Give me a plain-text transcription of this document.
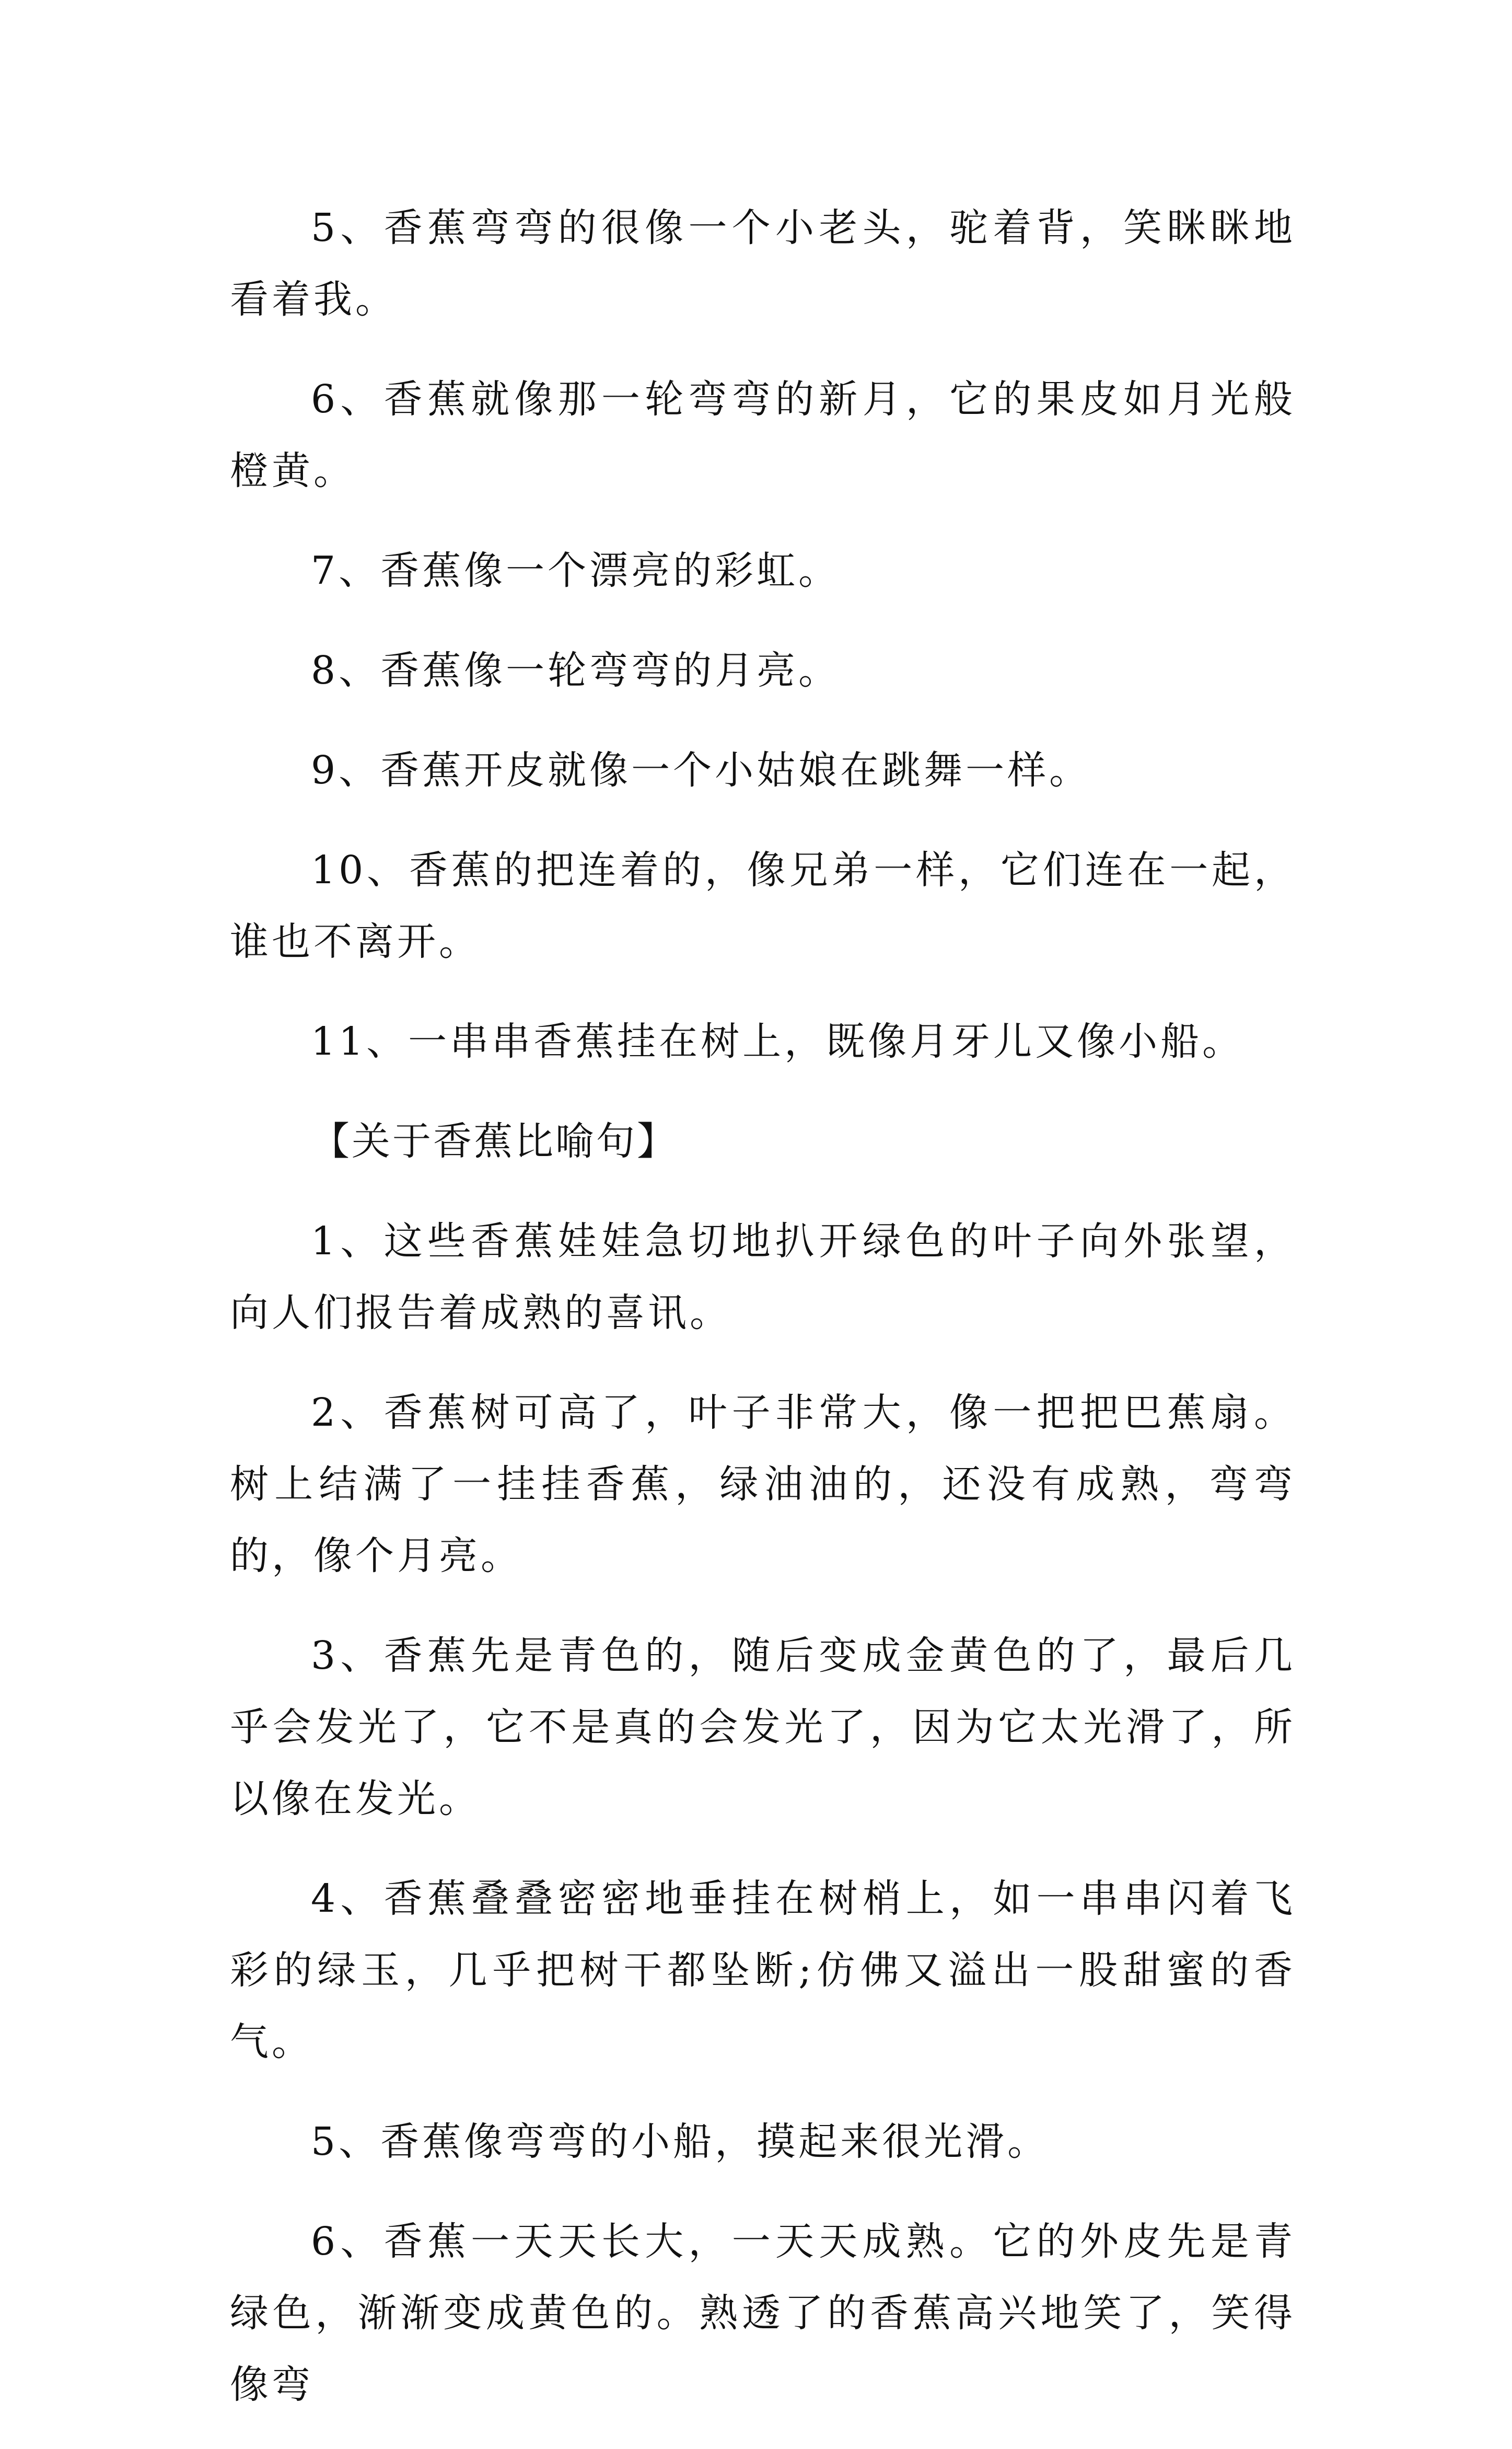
5、香蕉弯弯的很像一个小老头，驼着背，笑眯眯地看着我。

6、香蕉就像那一轮弯弯的新月，它的果皮如月光般橙黄。

7、香蕉像一个漂亮的彩虹。

8、香蕉像一轮弯弯的月亮。

9、香蕉开皮就像一个小姑娘在跳舞一样。

10、香蕉的把连着的，像兄弟一样，它们连在一起，谁也不离开。

11、一串串香蕉挂在树上，既像月牙儿又像小船。

【关于香蕉比喻句】

1、这些香蕉娃娃急切地扒开绿色的叶子向外张望，向人们报告着成熟的喜讯。

2、香蕉树可高了，叶子非常大，像一把把巴蕉扇。树上结满了一挂挂香蕉，绿油油的，还没有成熟，弯弯的，像个月亮。

3、香蕉先是青色的，随后变成金黄色的了，最后几乎会发光了，它不是真的会发光了，因为它太光滑了，所以像在发光。

4、香蕉叠叠密密地垂挂在树梢上，如一串串闪着飞彩的绿玉，几乎把树干都坠断;仿佛又溢出一股甜蜜的香气。

5、香蕉像弯弯的小船，摸起来很光滑。

6、香蕉一天天长大，一天天成熟。它的外皮先是青绿色，渐渐变成黄色的。熟透了的香蕉高兴地笑了，笑得像弯
